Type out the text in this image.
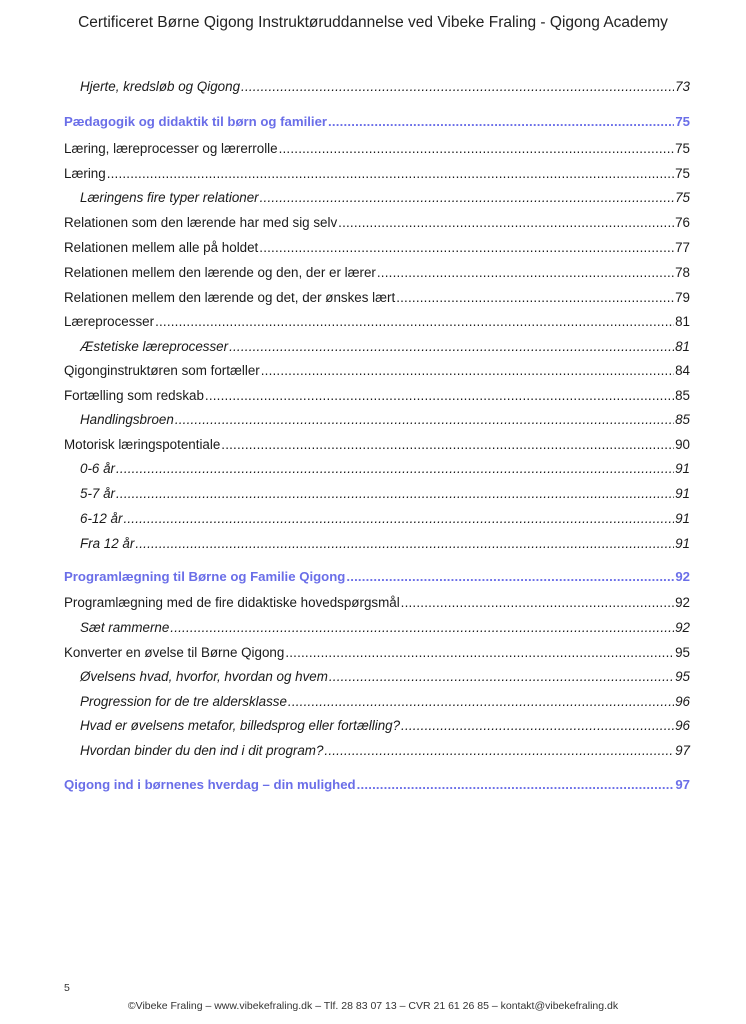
Certificeret Børne Qigong Instruktøruddannelse ved Vibeke Fraling - Qigong Academy
Hjerte, kredsløb og Qigong .....	73
Pædagogik og didaktik til børn og familier .....	75
Læring, læreprocesser og lærerrolle .....	75
Læring .....	75
Læringens fire typer relationer .....	75
Relationen som den lærende har med sig selv .....	76
Relationen mellem alle på holdet .....	77
Relationen mellem den lærende og den, der er lærer .....	78
Relationen mellem den lærende og det, der ønskes lært .....	79
Læreprocesser .....	81
Æstetiske læreprocesser .....	81
Qigonginstruktøren som fortæller .....	84
Fortælling som redskab .....	85
Handlingsbroen .....	85
Motorisk læringspotentiale .....	90
0-6 år .....	91
5-7 år .....	91
6-12 år .....	91
Fra 12 år .....	91
Programlægning til Børne og Familie Qigong .....	92
Programlægning med de fire didaktiske hovedspørgsmål .....	92
Sæt rammerne .....	92
Konverter en øvelse til Børne Qigong .....	95
Øvelsens hvad, hvorfor, hvordan og hvem .....	95
Progression for de tre aldersklasse .....	96
Hvad er øvelsens metafor, billedsprog eller fortælling? .....	96
Hvordan binder du den ind i dit program? .....	97
Qigong ind i børnenes hverdag – din mulighed .....	97
5
©Vibeke Fraling – www.vibekefraling.dk – Tlf. 28 83 07 13 – CVR 21 61 26 85 – kontakt@vibekefraling.dk
